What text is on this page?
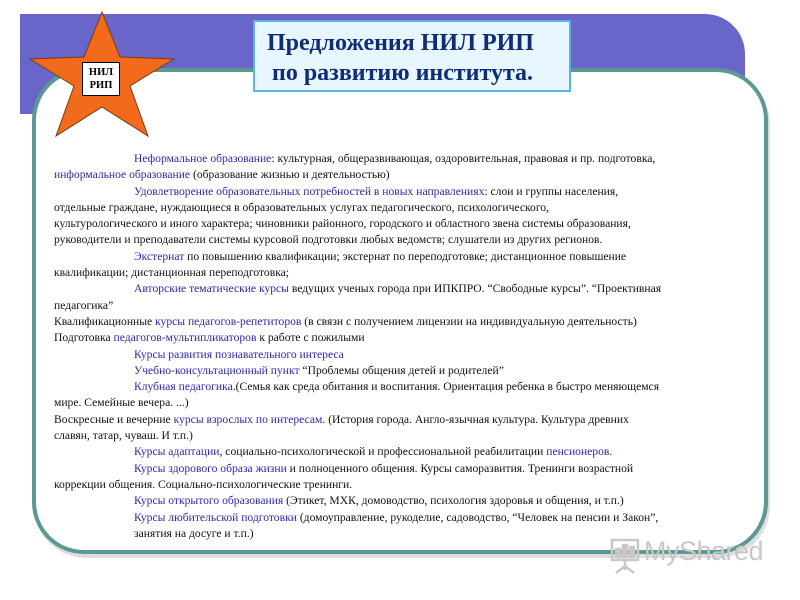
НИЛ
РИП
Предложения НИЛ РИП
по развитию института.
Неформальное образование: культурная, общеразвивающая, оздоровительная, правовая и пр. подготовка,
информальное образование (образование жизнью и деятельностью)
Удовлетворение образовательных потребностей в новых направлениях: слои и группы населения,
отдельные граждане, нуждающиеся в образовательных услугах педагогического, психологического,
культурологического и иного характера; чиновники районного, городского и областного звена системы образования,
руководители и преподаватели системы курсовой подготовки любых ведомств; слушатели из других регионов.
Экстернат по повышению квалификации; экстернат по переподготовке; дистанционное повышение
квалификации; дистанционная переподготовка;
Авторские тематические курсы ведущих ученых города при ИПКПРО. “Свободные курсы”. “Проективная
педагогика”
Квалификационные курсы педагогов-репетиторов (в связи с получением лицензии на индивидуальную деятельность)
Подготовка педагогов-мультипликаторов к работе с пожилыми
Курсы развития познавательного интереса
Учебно-консультационный пункт “Проблемы общения детей и родителей”
Клубная педагогика.(Семья как среда обитания и воспитания. Ориентация ребенка в быстро меняющемся
мире. Семейные вечера. ...)
Воскресные и вечерние курсы взрослых по интересам. (История города. Англо-язычная культура. Культура древних
славян, татар, чуваш. И т.п.)
Курсы адаптации, социально-психологической и профессиональной реабилитации пенсионеров.
Курсы здорового образа жизни и полноценного общения. Курсы саморазвития. Тренинги возрастной
коррекции общения. Социально-психологические тренинги.
Курсы открытого образования (Этикет, МХК, домоводство, психология здоровья и общения, и т.п.)
Курсы любительской подготовки (домоуправление, рукоделие, садоводство, “Человек на пенсии и Закон”,
занятия на досуге и т.п.)
MyShared
